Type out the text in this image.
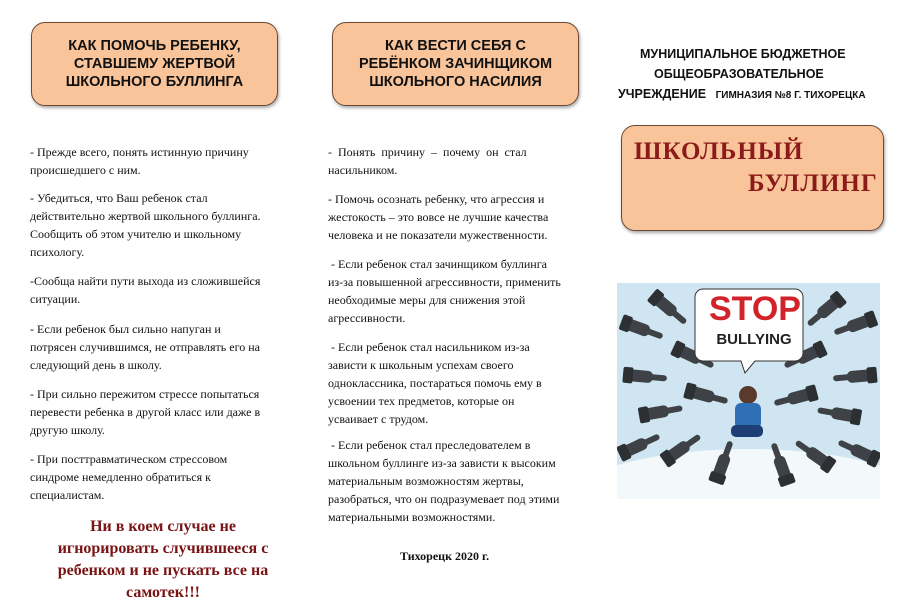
КАК ПОМОЧЬ РЕБЕНКУ,
СТАВШЕМУ ЖЕРТВОЙ
ШКОЛЬНОГО БУЛЛИНГА
- Прежде всего, понять истинную причину
происшедшего с ним.
- Убедиться, что Ваш ребенок стал
действительно жертвой школьного буллинга.
Сообщить об этом учителю и школьному
психологу.
-Сообща найти пути выхода из сложившейся
ситуации.
- Если ребенок был сильно напуган и
потрясен случившимся, не отправлять его на
следующий день в школу.
- При сильно пережитом стрессе попытаться
перевести ребенка в другой класс или даже в
другую школу.
- При посттравматическом стрессовом
синдроме немедленно обратиться к
специалистам.
Ни в коем случае не
игнорировать случившееся с
ребенком и не пускать все на
самотек!!!
КАК ВЕСТИ СЕБЯ С
РЕБЁНКОМ ЗАЧИНЩИКОМ
ШКОЛЬНОГО НАСИЛИЯ
-  Понять  причину  –  почему  он  стал
насильником.
- Помочь осознать ребенку, что агрессия и
жестокость – это вовсе не лучшие качества
человека и не показатели мужественности.
- Если ребенок стал зачинщиком буллинга
из-за повышенной агрессивности, применить
необходимые меры для снижения этой
агрессивности.
- Если ребенок стал насильником из-за
зависти к школьным успехам своего
одноклассника, постараться помочь ему в
усвоении тех предметов, которые он
усваивает с трудом.
- Если ребенок стал преследователем в
школьном буллинге из-за зависти к высоким
материальным возможностям жертвы,
разобраться, что он подразумевает под этими
материальными возможностями.
Тихорецк 2020 г.
МУНИЦИПАЛЬНОЕ БЮДЖЕТНОЕ
ОБЩЕОБРАЗОВАТЕЛЬНОЕ
УЧРЕЖДЕНИЕ ГИМНАЗИЯ №8 Г. ТИХОРЕЦКА
ШКОЛЬНЫЙ
БУЛЛИНГ
STOP
BULLYING
